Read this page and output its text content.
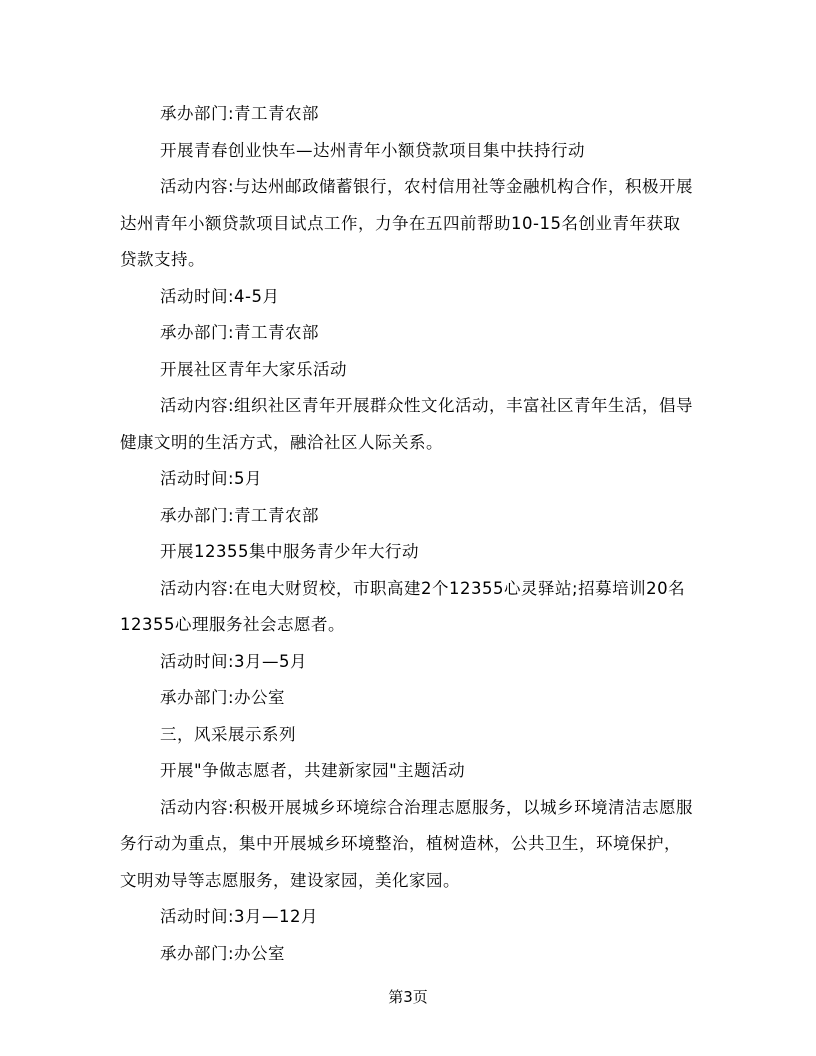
承办部门:青工青农部

开展青春创业快车—达州青年小额贷款项目集中扶持行动

活动内容:与达州邮政储蓄银行，农村信用社等金融机构合作，积极开展达州青年小额贷款项目试点工作，力争在五四前帮助10-15名创业青年获取贷款支持。

活动时间:4-5月

承办部门:青工青农部

开展社区青年大家乐活动

活动内容:组织社区青年开展群众性文化活动，丰富社区青年生活，倡导健康文明的生活方式，融洽社区人际关系。

活动时间:5月

承办部门:青工青农部

开展12355集中服务青少年大行动

活动内容:在电大财贸校，市职高建2个12355心灵驿站;招募培训20名12355心理服务社会志愿者。

活动时间:3月—5月

承办部门:办公室

三，风采展示系列

开展"争做志愿者，共建新家园"主题活动

活动内容:积极开展城乡环境综合治理志愿服务，以城乡环境清洁志愿服务行动为重点，集中开展城乡环境整治，植树造林，公共卫生，环境保护，文明劝导等志愿服务，建设家园，美化家园。

活动时间:3月—12月

承办部门:办公室

第3页
